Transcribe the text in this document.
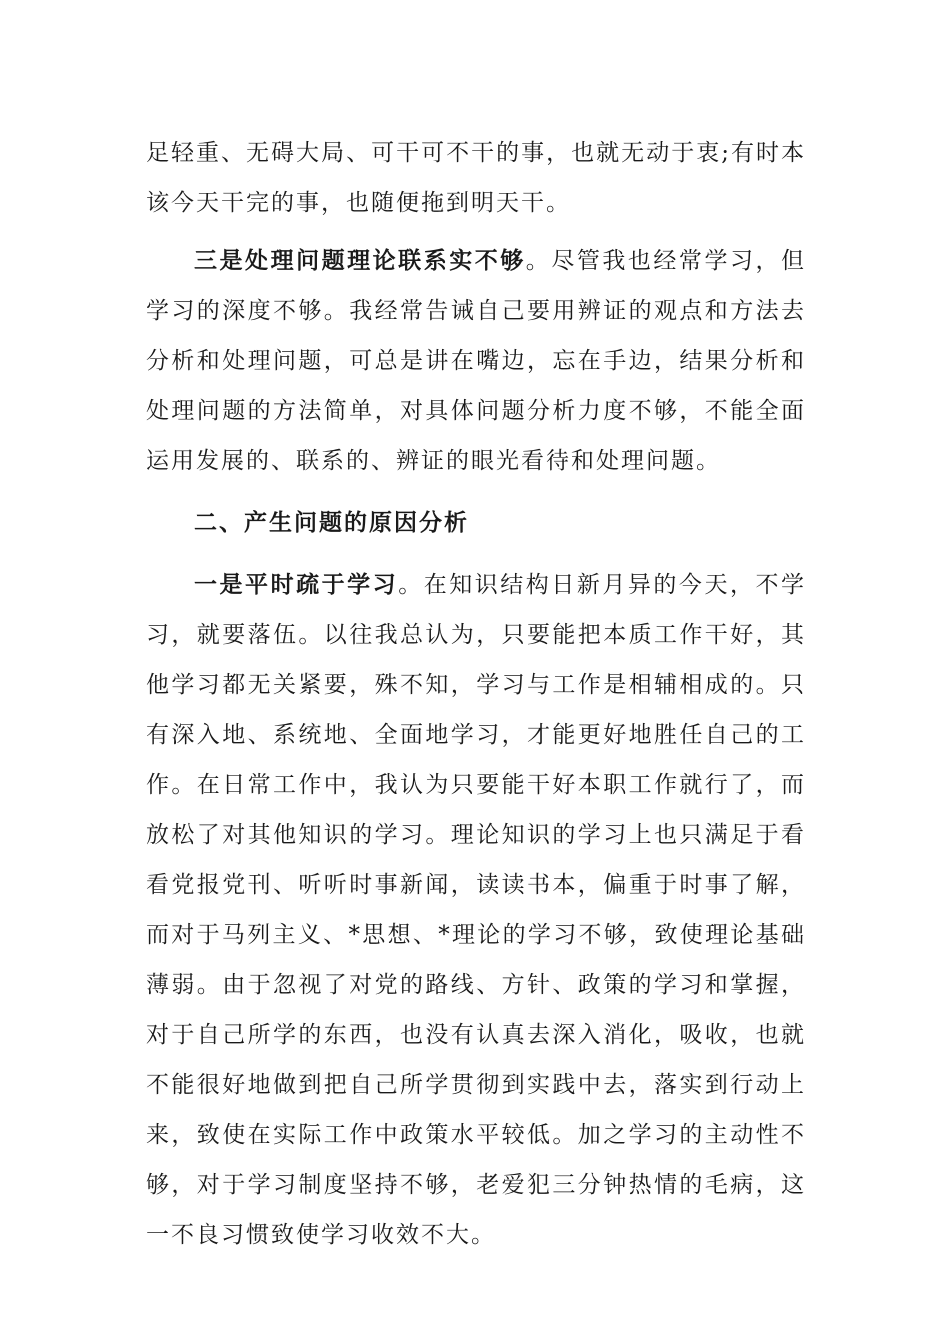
足轻重、无碍大局、可干可不干的事，也就无动于衷;有时本该今天干完的事，也随便拖到明天干。

三是处理问题理论联系实不够。尽管我也经常学习，但学习的深度不够。我经常告诫自己要用辨证的观点和方法去分析和处理问题，可总是讲在嘴边，忘在手边，结果分析和处理问题的方法简单，对具体问题分析力度不够，不能全面运用发展的、联系的、辨证的眼光看待和处理问题。

二、产生问题的原因分析

一是平时疏于学习。在知识结构日新月异的今天，不学习，就要落伍。以往我总认为，只要能把本质工作干好，其他学习都无关紧要，殊不知，学习与工作是相辅相成的。只有深入地、系统地、全面地学习，才能更好地胜任自己的工作。在日常工作中，我认为只要能干好本职工作就行了，而放松了对其他知识的学习。理论知识的学习上也只满足于看看党报党刊、听听时事新闻，读读书本，偏重于时事了解，而对于马列主义、*思想、*理论的学习不够，致使理论基础薄弱。由于忽视了对党的路线、方针、政策的学习和掌握，对于自己所学的东西，也没有认真去深入消化，吸收，也就不能很好地做到把自己所学贯彻到实践中去，落实到行动上来，致使在实际工作中政策水平较低。加之学习的主动性不够，对于学习制度坚持不够，老爱犯三分钟热情的毛病，这一不良习惯致使学习收效不大。
